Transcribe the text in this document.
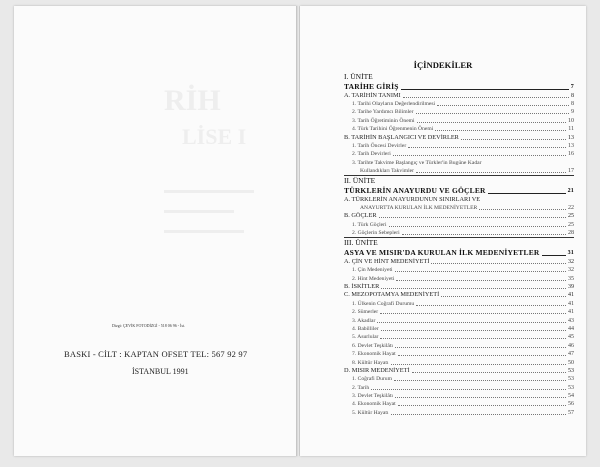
RİH
LİSE I
▬▬▬▬▬▬▬▬▬
▬▬▬▬▬▬▬
▬▬▬▬▬▬▬▬
Dizgi: ÇEVİK FOTODİZGİ - 518 06 96 - İst.
BASKI - CİLT : KAPTAN OFSET TEL: 567 92 97
İSTANBUL 1991
İÇİNDEKİLER
I. ÜNİTE
TARİHE GİRİŞ	7
A. TARİHİN TANIMI	8
1. Tarihi Olayların Değerlendirilmesi	8
2. Tarihe Yardımcı Bilimler	9
3. Tarih Öğretiminin Önemi	10
4. Türk Tarihini Öğrenmenin Önemi	11
B. TARİHİN BAŞLANGICI VE DEVİRLER	13
1. Tarih Öncesi Devirler	13
2. Tarih Devirleri	16
3. Tarihte Takvime Başlangıç ve Türkler'in Bugüne Kadar
Kullandıkları Takvimler	17
II. ÜNİTE
TÜRKLERİN ANAYURDU VE GÖÇLER	21
A. TÜRKLERİN ANAYURDUNUN SINIRLARI VE
ANAYURTTA KURULAN İLK MEDENİYETLER	22
B. GÖÇLER	25
1. Türk Göçleri	25
2. Göçlerin Sebepleri	28
III. ÜNİTE
ASYA VE MISIR'DA KURULAN İLK MEDENİYETLER	31
A. ÇİN VE HİNT MEDENİYETİ	32
1. Çin Medeniyeti	32
2. Hint Medeniyeti	35
B. İSKİTLER	39
C. MEZOPOTAMYA MEDENİYETİ	41
1. Ülkenin Coğrafi Durumu	41
2. Sümerler	41
3. Akadlar	43
4. Babilliler	44
5. Asurlular	45
6. Devlet Teşkilâtı	46
7. Ekonomik Hayat	47
8. Kültür Hayatı	50
D. MISIR MEDENİYETİ	53
1. Coğrafi Durum	53
2. Tarih	53
3. Devlet Teşkilâtı	54
4. Ekonomik Hayat	56
5. Kültür Hayatı	57
